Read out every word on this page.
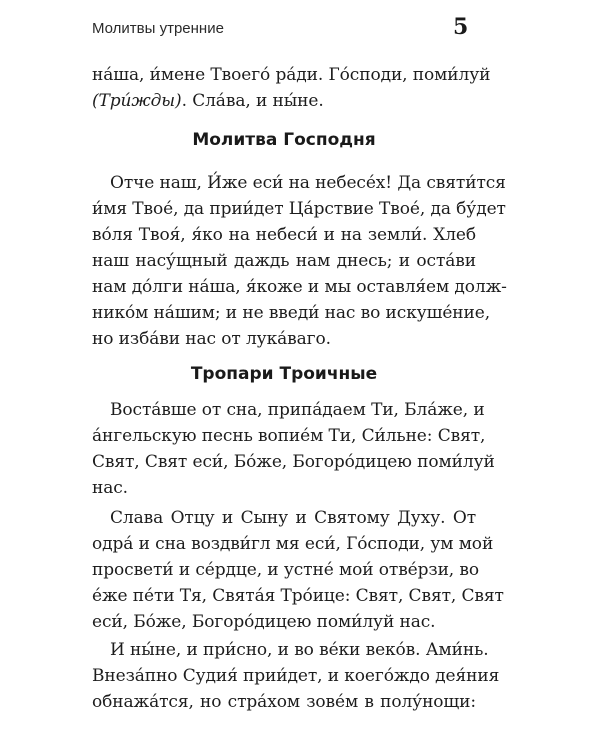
Молитвы утренние	5
на́ша, и́мене Твоего́ ра́ди. Го́споди, поми́луй
(Три́жды). Сла́ва, и ны́не.
Молитва Господня
Отче наш, И́же еси́ на небесе́х! Да святи́тся
и́мя Твое́, да прии́дет Ца́рствие Твое́, да бу́дет
во́ля Твоя́, я́ко на небеси́ и на земли́. Хлеб
наш насу́щный даждь нам днесь; и оста́ви
нам до́лги на́ша, я́коже и мы оставля́ем долж-
нико́м на́шим; и не введи́ нас во искуше́ние,
но изба́ви нас от лука́ваго.
Тропари Троичные
Воста́вше от сна, припа́даем Ти, Бла́же, и
а́нгельскую песнь вопие́м Ти, Си́льне: Свят,
Свят, Свят еси́, Бо́же, Богоро́дицею поми́луй
нас.
Слава Отцу и Сыну и Святому Духу. От
одра́ и сна воздви́гл мя еси́, Го́споди, ум мой
просвети́ и се́рдце, и устне́ мои́ отве́рзи, во
е́же пе́ти Тя, Свята́я Тро́ице: Свят, Свят, Свят
еси́, Бо́же, Богоро́дицею поми́луй нас.
И ны́не, и при́сно, и во ве́ки веко́в. Ами́нь.
Внеза́пно Судия́ прии́дет, и коего́ждо дея́ния
обнажа́тся, но стра́хом зове́м в полу́нощи:
